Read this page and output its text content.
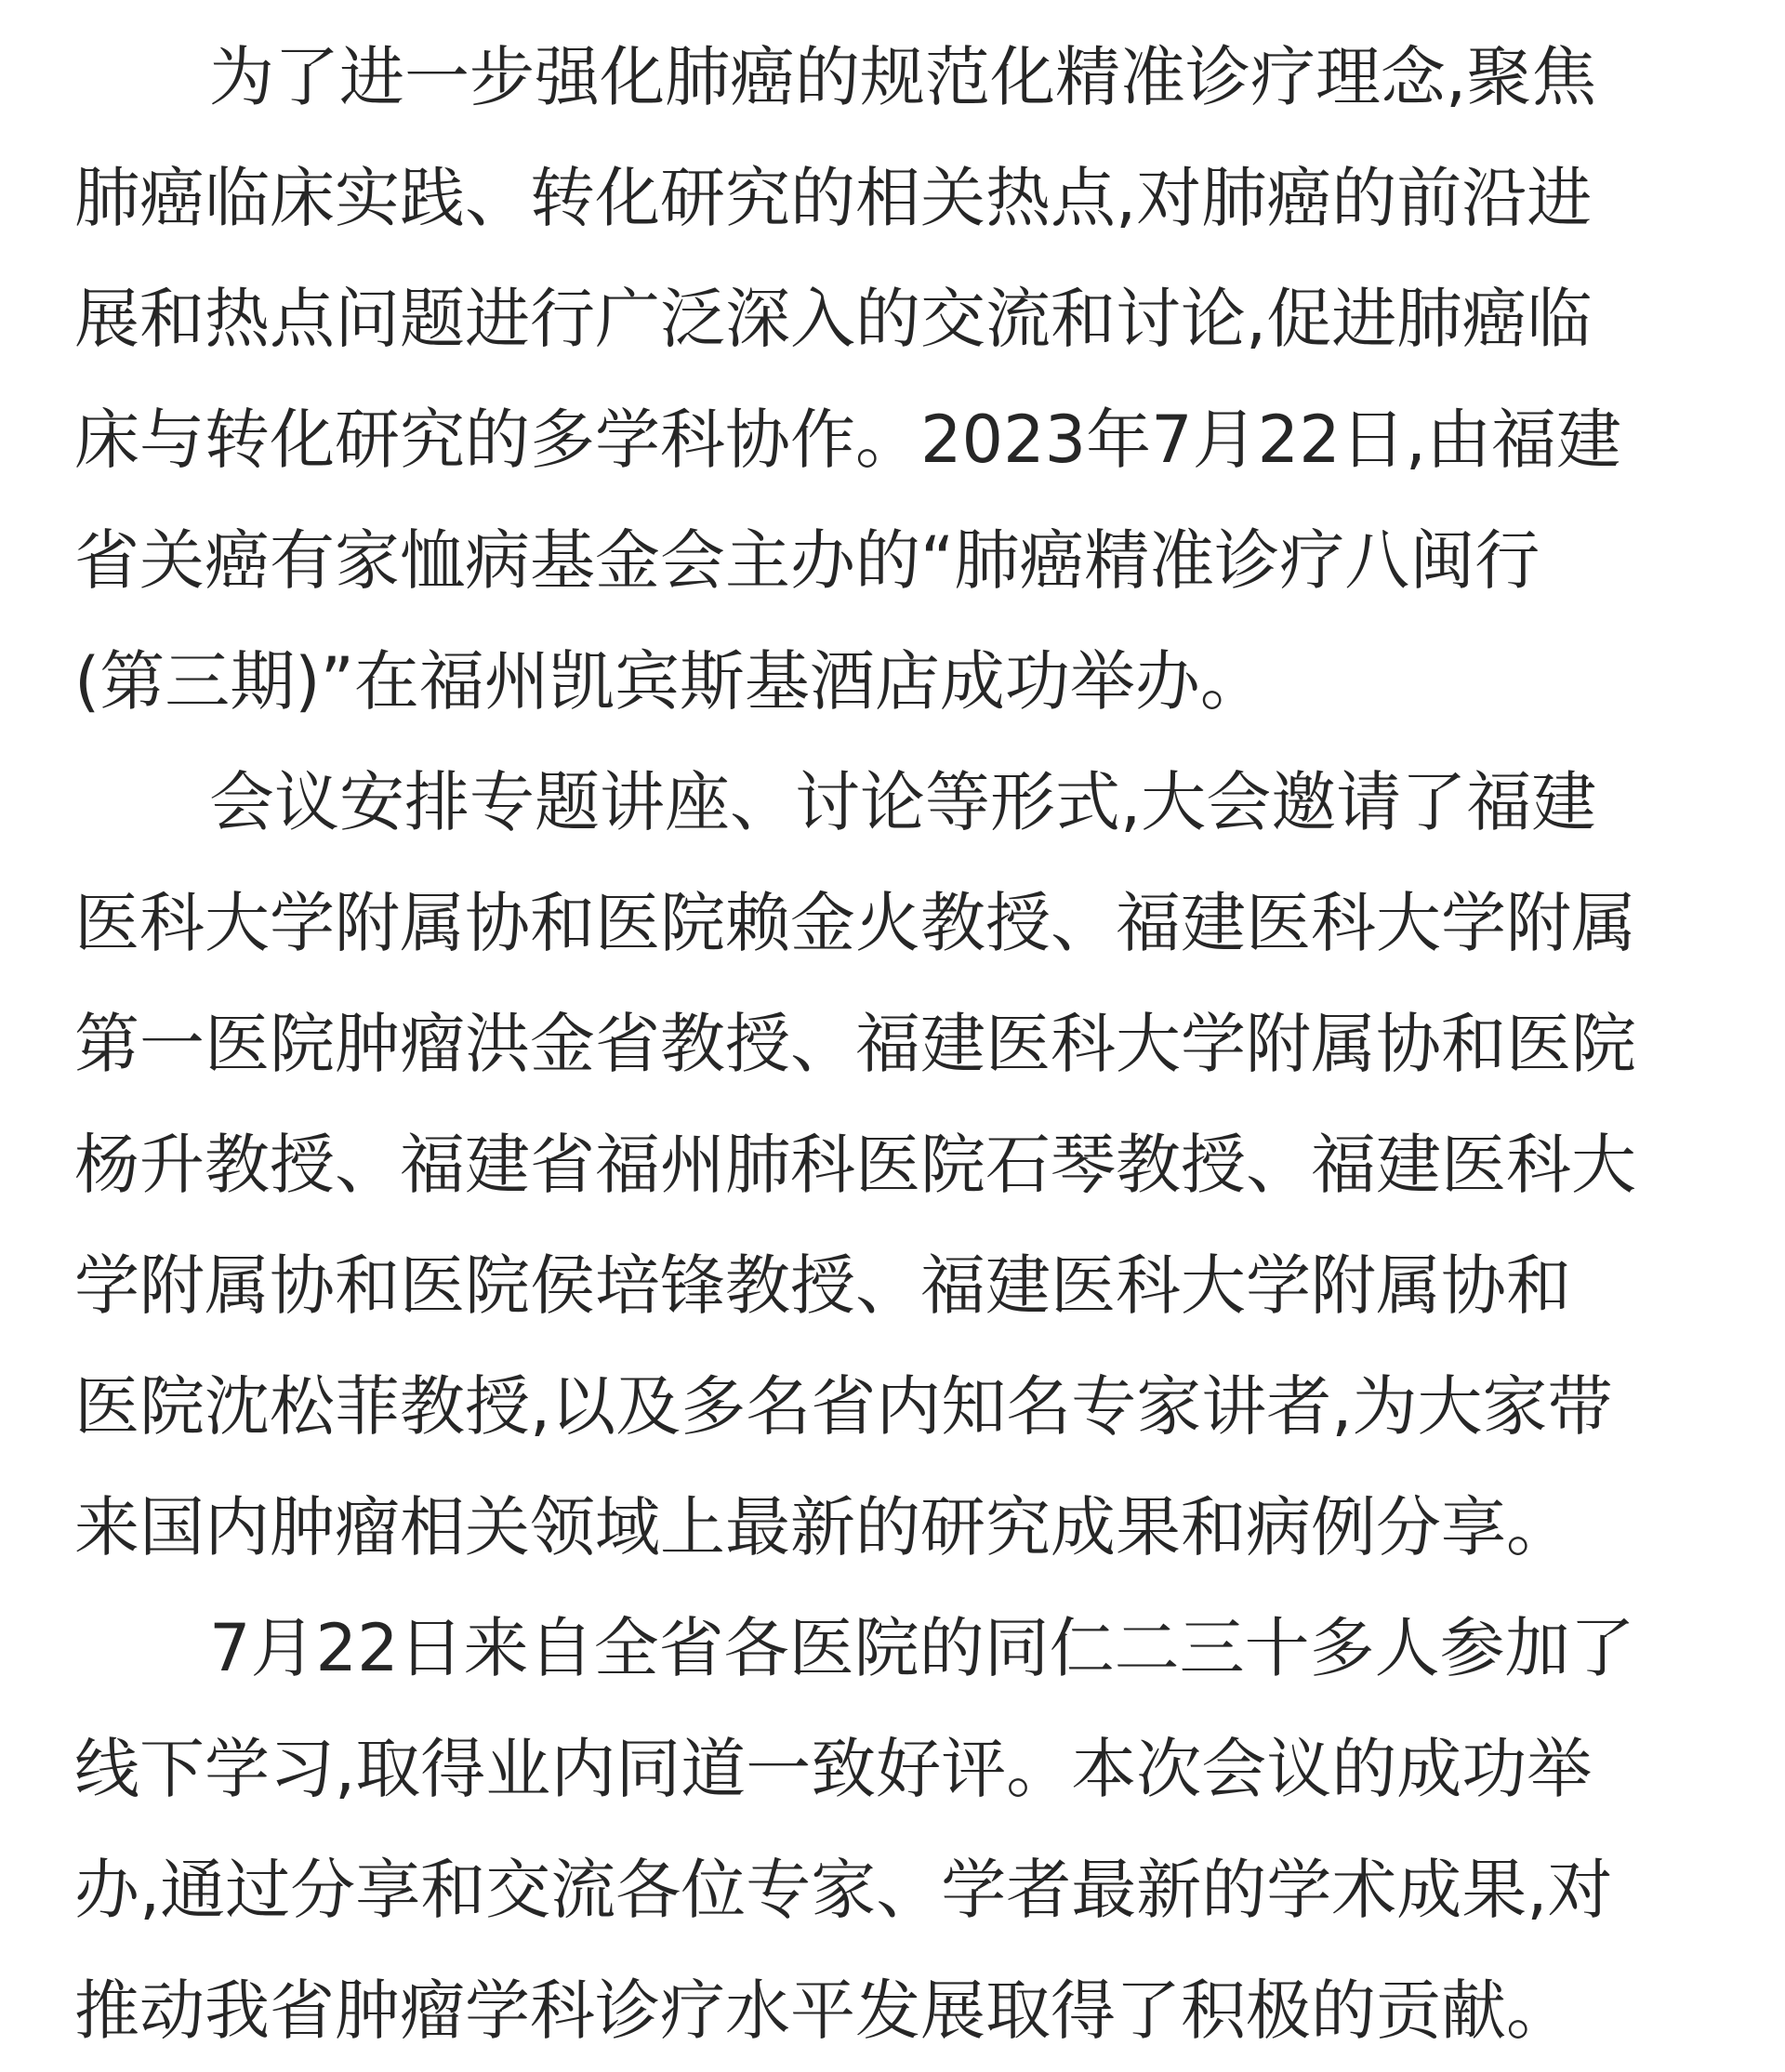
为了进一步强化肺癌的规范化精准诊疗理念,聚焦
肺癌临床实践、转化研究的相关热点,对肺癌的前沿进
展和热点问题进行广泛深入的交流和讨论,促进肺癌临
床与转化研究的多学科协作。2023年7月22日,由福建
省关癌有家恤病基金会主办的“肺癌精准诊疗八闽行
(第三期)”在福州凯宾斯基酒店成功举办。

会议安排专题讲座、讨论等形式,大会邀请了福建
医科大学附属协和医院赖金火教授、福建医科大学附属
第一医院肿瘤洪金省教授、福建医科大学附属协和医院
杨升教授、福建省福州肺科医院石琴教授、福建医科大
学附属协和医院侯培锋教授、福建医科大学附属协和
医院沈松菲教授,以及多名省内知名专家讲者,为大家带
来国内肿瘤相关领域上最新的研究成果和病例分享。

7月22日来自全省各医院的同仁二三十多人参加了
线下学习,取得业内同道一致好评。本次会议的成功举
办,通过分享和交流各位专家、学者最新的学术成果,对
推动我省肿瘤学科诊疗水平发展取得了积极的贡献。
